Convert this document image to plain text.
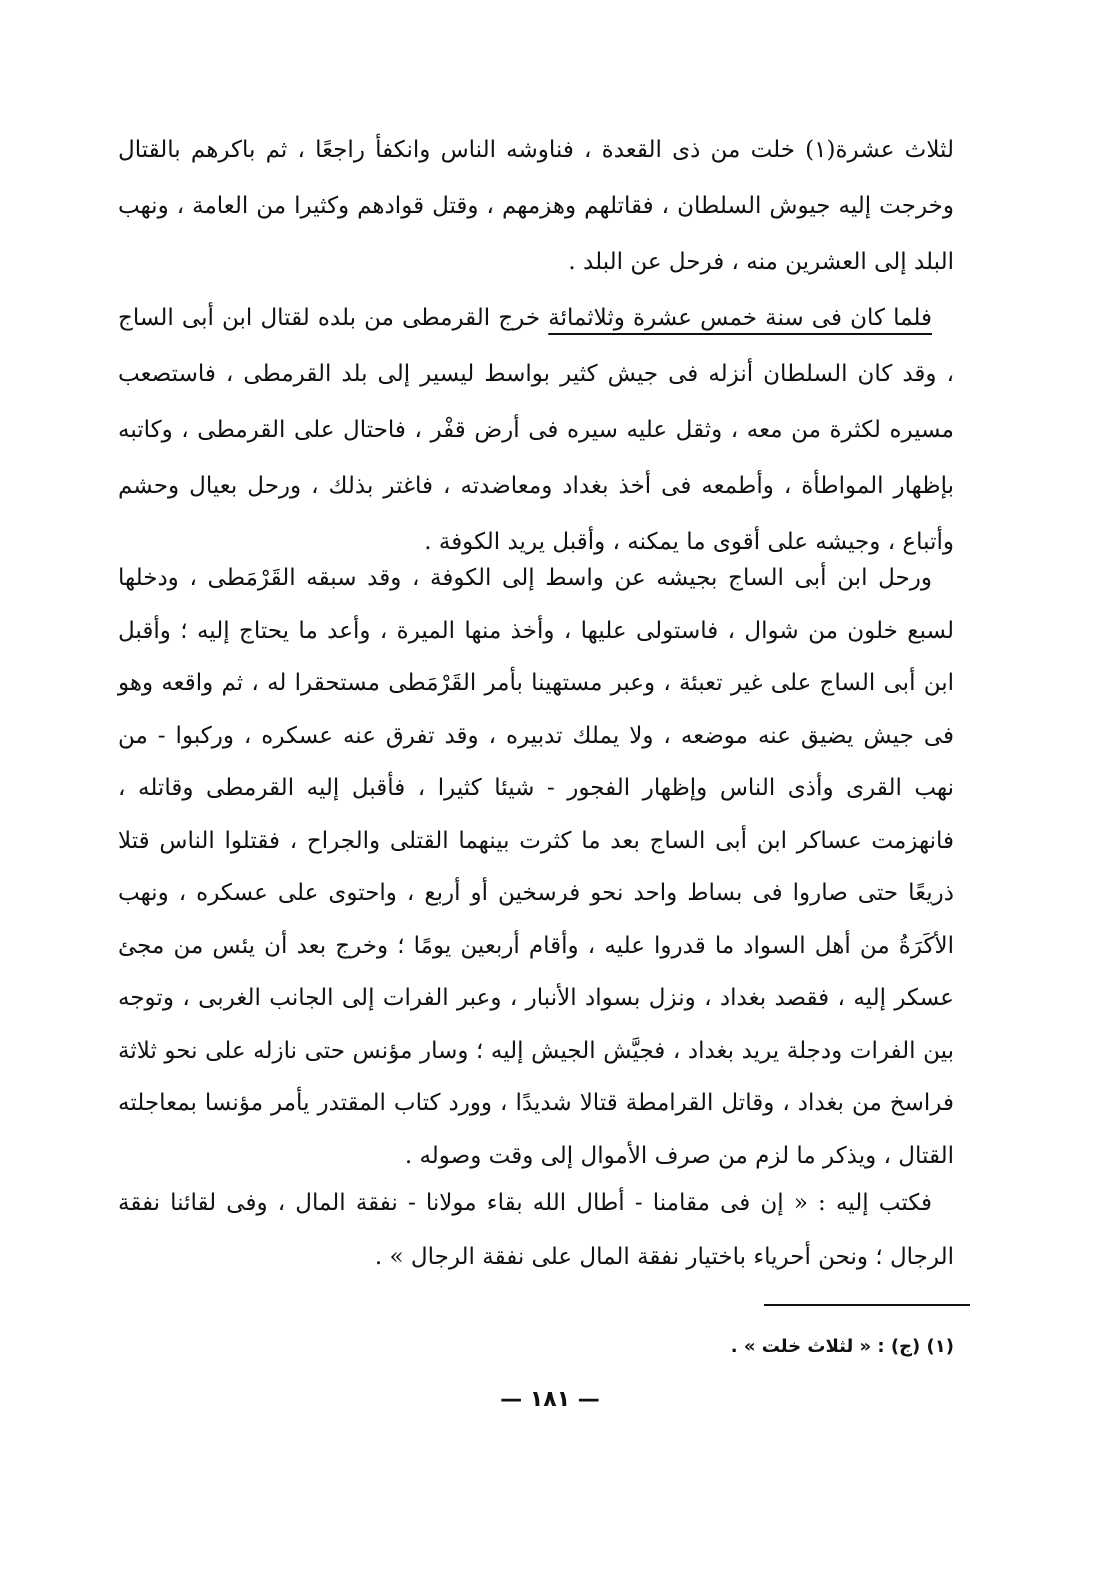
لثلاث عشرة(١) خلت من ذى القعدة ، فناوشه الناس وانكفأ راجعًا ، ثم باكرهم بالقتال وخرجت إليه جيوش السلطان ، فقاتلهم وهزمهم ، وقتل قوادهم وكثيرا من العامة ، ونهب البلد إلى العشرين منه ، فرحل عن البلد .

فلما كان فى سنة خمس عشرة وثلاثمائة خرج القرمطى من بلده لقتال ابن أبى الساج ، وقد كان السلطان أنزله فى جيش كثير بواسط ليسير إلى بلد القرمطى ، فاستصعب مسيره لكثرة من معه ، وثقل عليه سيره فى أرض قفْر ، فاحتال على القرمطى ، وكاتبه بإظهار المواطأة ، وأطمعه فى أخذ بغداد ومعاضدته ، فاغتر بذلك ، ورحل بعيال وحشم وأتباع ، وجيشه على أقوى ما يمكنه ، وأقبل يريد الكوفة .

ورحل ابن أبى الساج بجيشه عن واسط إلى الكوفة ، وقد سبقه القَرْمَطى ، ودخلها لسبع خلون من شوال ، فاستولى عليها ، وأخذ منها الميرة ، وأعد ما يحتاج إليه ؛ وأقبل ابن أبى الساج على غير تعبئة ، وعبر مستهينا بأمر القَرْمَطى مستحقرا له ، ثم واقعه وهو فى جيش يضيق عنه موضعه ، ولا يملك تدبيره ، وقد تفرق عنه عسكره ، وركبوا - من نهب القرى وأذى الناس وإظهار الفجور - شيئا كثيرا ، فأقبل إليه القرمطى وقاتله ، فانهزمت عساكر ابن أبى الساج بعد ما كثرت بينهما القتلى والجراح ، فقتلوا الناس قتلا ذريعًا حتى صاروا فى بساط واحد نحو فرسخين أو أربع ، واحتوى على عسكره ، ونهب الأكَرَةُ من أهل السواد ما قدروا عليه ، وأقام أربعين يومًا ؛ وخرج بعد أن يئس من مجئ عسكر إليه ، فقصد بغداد ، ونزل بسواد الأنبار ، وعبر الفرات إلى الجانب الغربى ، وتوجه بين الفرات ودجلة يريد بغداد ، فجيَّش الجيش إليه ؛ وسار مؤنس حتى نازله على نحو ثلاثة فراسخ من بغداد ، وقاتل القرامطة قتالا شديدًا ، وورد كتاب المقتدر يأمر مؤنسا بمعاجلته القتال ، ويذكر ما لزم من صرف الأموال إلى وقت وصوله .

فكتب إليه : « إن فى مقامنا - أطال الله بقاء مولانا - نفقة المال ، وفى لقائنا نفقة الرجال ؛ ونحن أحرياء باختيار نفقة المال على نفقة الرجال » .

(١) (ج) : « لثلاث خلت » .
— ١٨١ —
